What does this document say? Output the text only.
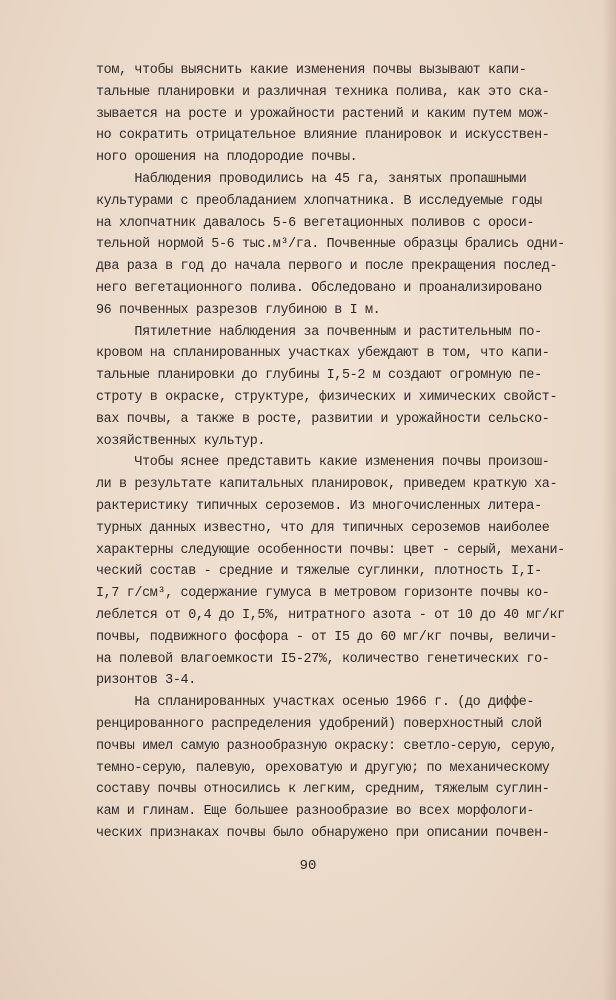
том, чтобы выяснить какие изменения почвы вызывают капи-
тальные планировки и различная техника полива, как это ска-
зывается на росте и урожайности растений и каким путем мож-
но сократить отрицательное влияние планировок и искусствен-
ного орошения на плодородие почвы.
Наблюдения проводились на 45 га, занятых пропашными
культурами с преобладанием хлопчатника. В исследуемые годы
на хлопчатник давалось 5-6 вегетационных поливов с ороси-
тельной нормой 5-6 тыс.м³/га. Почвенные образцы брались одни-
два раза в год до начала первого и после прекращения послед-
него вегетационного полива. Обследовано и проанализировано
96 почвенных разрезов глубиною в I м.
Пятилетние наблюдения за почвенным и растительным по-
кровом на спланированных участках убеждают в том, что капи-
тальные планировки до глубины I,5-2 м создают огромную пе-
строту в окраске, структуре, физических и химических свойст-
вах почвы, а также в росте, развитии и урожайности сельско-
хозяйственных культур.
Чтобы яснее представить какие изменения почвы произош-
ли в результате капитальных планировок, приведем краткую ха-
рактеристику типичных сероземов. Из многочисленных литера-
турных данных известно, что для типичных сероземов наиболее
характерны следующие особенности почвы: цвет - серый, механи-
ческий состав - средние и тяжелые суглинки, плотность I,I-
I,7 г/см³, содержание гумуса в метровом горизонте почвы ко-
леблется от 0,4 до I,5%, нитратного азота - от 10 до 40 мг/кг
почвы, подвижного фосфора - от I5 до 60 мг/кг почвы, величи-
на полевой влагоемкости I5-27%, количество генетических го-
ризонтов 3-4.
На спланированных участках осенью 1966 г. (до диффе-
ренцированного распределения удобрений) поверхностный слой
почвы имел самую разнообразную окраску: светло-серую, серую,
темно-серую, палевую, ореховатую и другую; по механическому
составу почвы относились к легким, средним, тяжелым суглин-
кам и глинам. Еще большее разнообразие во всех морфологи-
ческих признаках почвы было обнаружено при описании почвен-
90
